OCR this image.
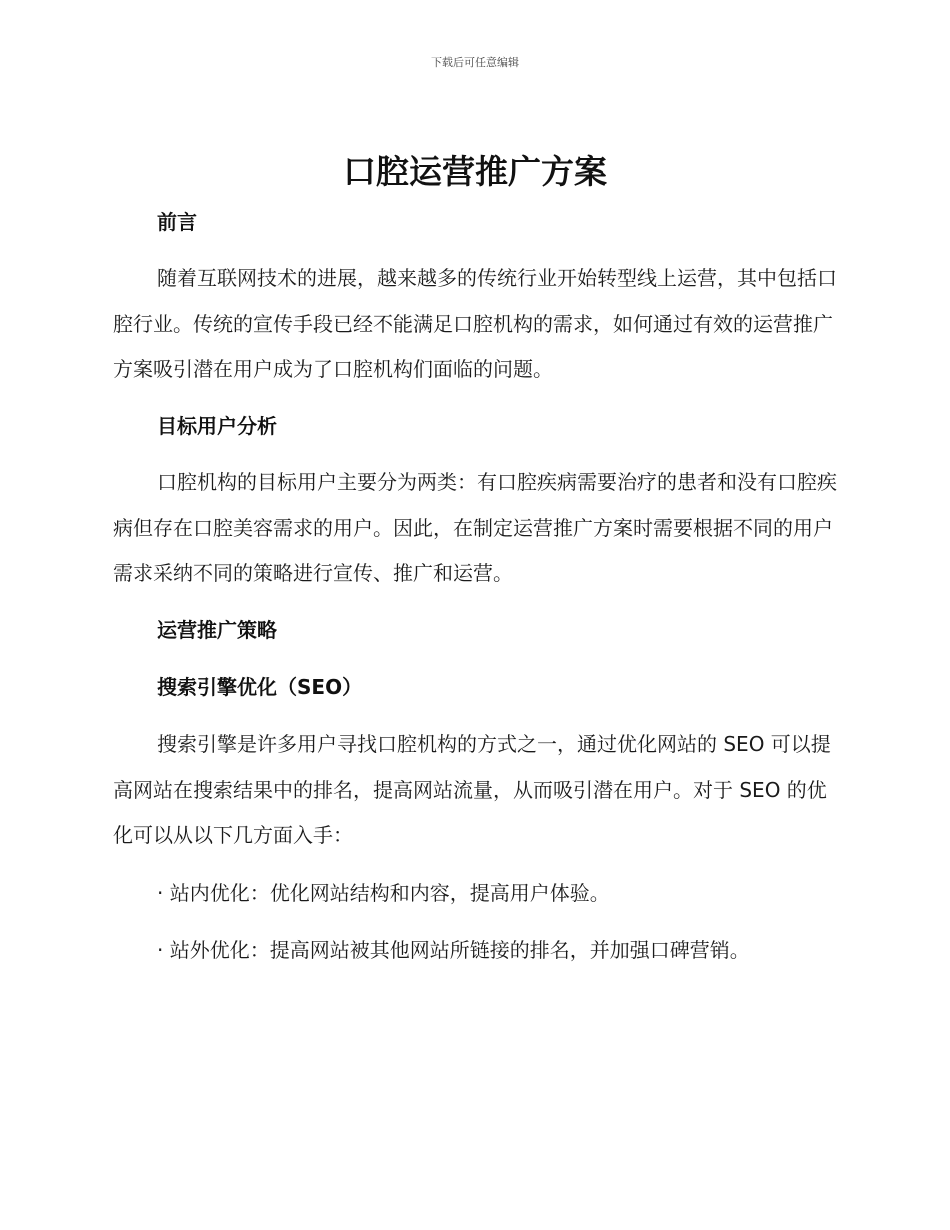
下载后可任意编辑
口腔运营推广方案
前言

随着互联网技术的进展，越来越多的传统行业开始转型线上运营，其中包括口腔行业。传统的宣传手段已经不能满足口腔机构的需求，如何通过有效的运营推广方案吸引潜在用户成为了口腔机构们面临的问题。

目标用户分析

口腔机构的目标用户主要分为两类：有口腔疾病需要治疗的患者和没有口腔疾病但存在口腔美容需求的用户。因此，在制定运营推广方案时需要根据不同的用户需求采纳不同的策略进行宣传、推广和运营。

运营推广策略
搜索引擎优化（SEO）

搜索引擎是许多用户寻找口腔机构的方式之一，通过优化网站的 SEO 可以提高网站在搜索结果中的排名，提高网站流量，从而吸引潜在用户。对于 SEO 的优化可以从以下几方面入手：

· 站内优化：优化网站结构和内容，提高用户体验。

· 站外优化：提高网站被其他网站所链接的排名，并加强口碑营销。
